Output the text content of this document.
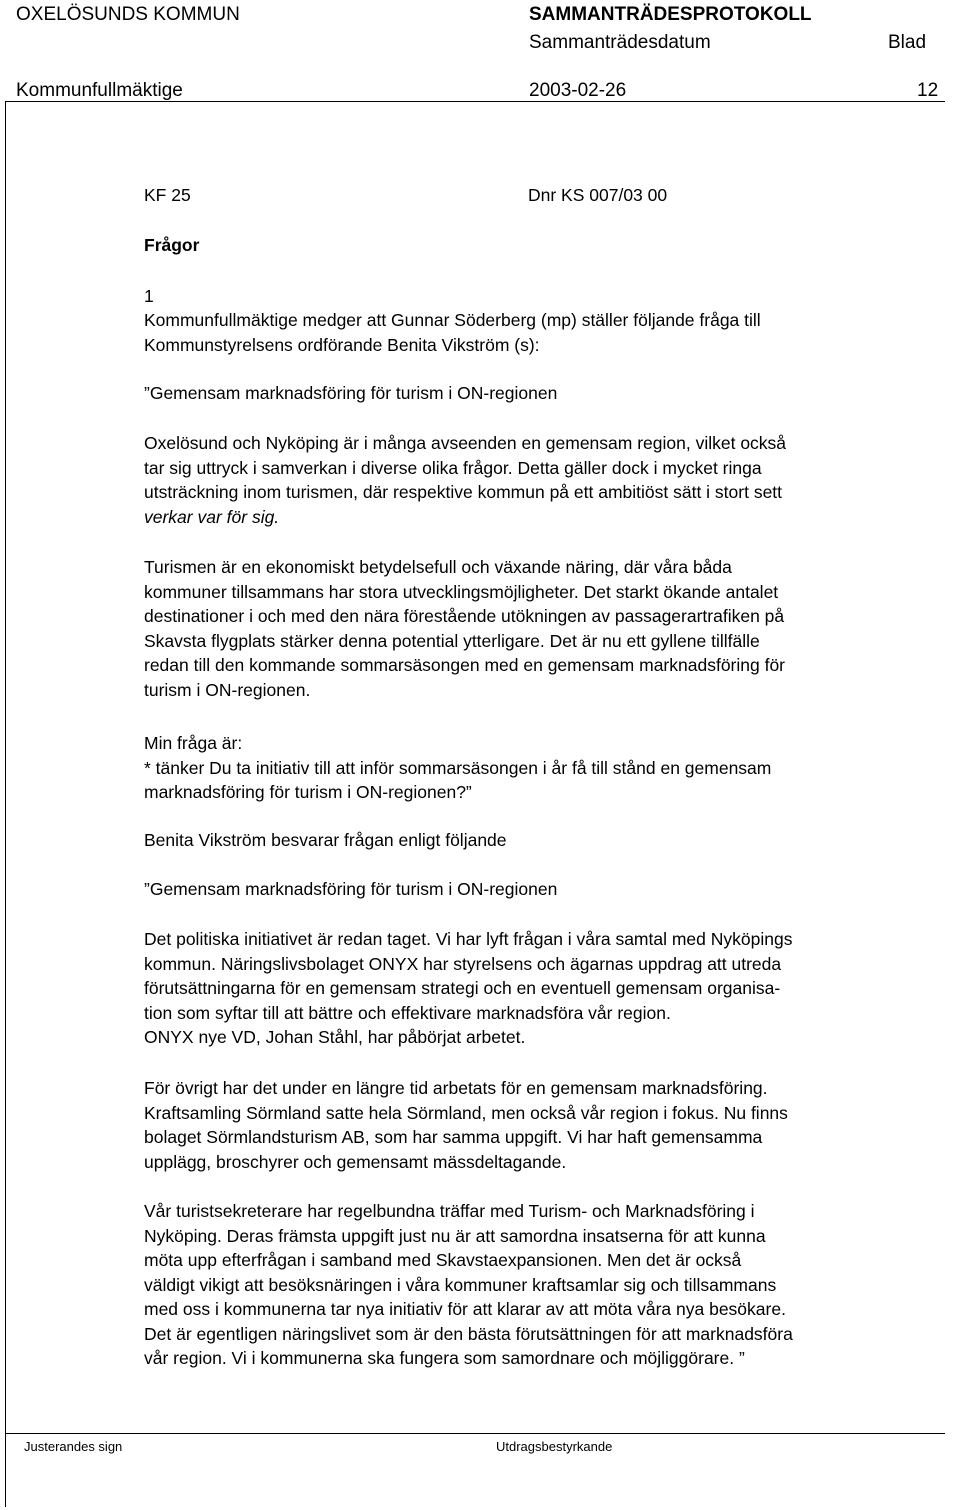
OXELÖSUNDS KOMMUN	SAMMANTRÄDESPROTOKOLL
Sammanträdesdatum	Blad
Kommunfullmäktige	2003-02-26	12

KF 25	Dnr KS 007/03 00

Frågor

1

Kommunfullmäktige medger att Gunnar Söderberg (mp) ställer följande fråga till

Kommunstyrelsens ordförande Benita Vikström (s):

”Gemensam marknadsföring för turism i ON-regionen

Oxelösund och Nyköping är i många avseenden en gemensam region, vilket också

tar sig uttryck i samverkan i diverse olika frågor. Detta gäller dock i mycket ringa

utsträckning inom turismen, där respektive kommun på ett ambitiöst sätt i stort sett

verkar var för sig.

Turismen är en ekonomiskt betydelsefull och växande näring, där våra båda

kommuner tillsammans har stora utvecklingsmöjligheter. Det starkt ökande antalet

destinationer i och med den nära förestående utökningen av passagerartrafiken på

Skavsta flygplats stärker denna potential ytterligare. Det är nu ett gyllene tillfälle

redan till den kommande sommarsäsongen med en gemensam marknadsföring för

turism i ON-regionen.

Min fråga är:

* tänker Du ta initiativ till att inför sommarsäsongen i år få till stånd en gemensam

marknadsföring för turism i ON-regionen?”

Benita Vikström besvarar frågan enligt följande

”Gemensam marknadsföring för turism i ON-regionen

Det politiska initiativet är redan taget. Vi har lyft frågan i våra samtal med Nyköpings

kommun. Näringslivsbolaget ONYX har styrelsens och ägarnas uppdrag att utreda

förutsättningarna för en gemensam strategi och en eventuell gemensam organisa-

tion som syftar till att bättre och effektivare marknadsföra vår region.

ONYX nye VD, Johan Ståhl, har påbörjat arbetet.

För övrigt har det under en längre tid arbetats för en gemensam marknadsföring.

Kraftsamling Sörmland satte hela Sörmland, men också vår region i fokus. Nu finns

bolaget Sörmlandsturism AB, som har samma uppgift. Vi har haft gemensamma

upplägg, broschyrer och gemensamt mässdeltagande.

Vår turistsekreterare har regelbundna träffar med Turism- och Marknadsföring i

Nyköping. Deras främsta uppgift just nu är att samordna insatserna för att kunna

möta upp efterfrågan i samband med Skavstaexpansionen. Men det är också

väldigt vikigt att besöksnäringen i våra kommuner kraftsamlar sig och tillsammans

med oss i kommunerna tar nya initiativ för att klarar av att möta våra nya besökare.

Det är egentligen näringslivet som är den bästa förutsättningen för att marknadsföra

vår region. Vi i kommunerna ska fungera som samordnare och möjliggörare. ”

Justerandes sign	Utdragsbestyrkande
